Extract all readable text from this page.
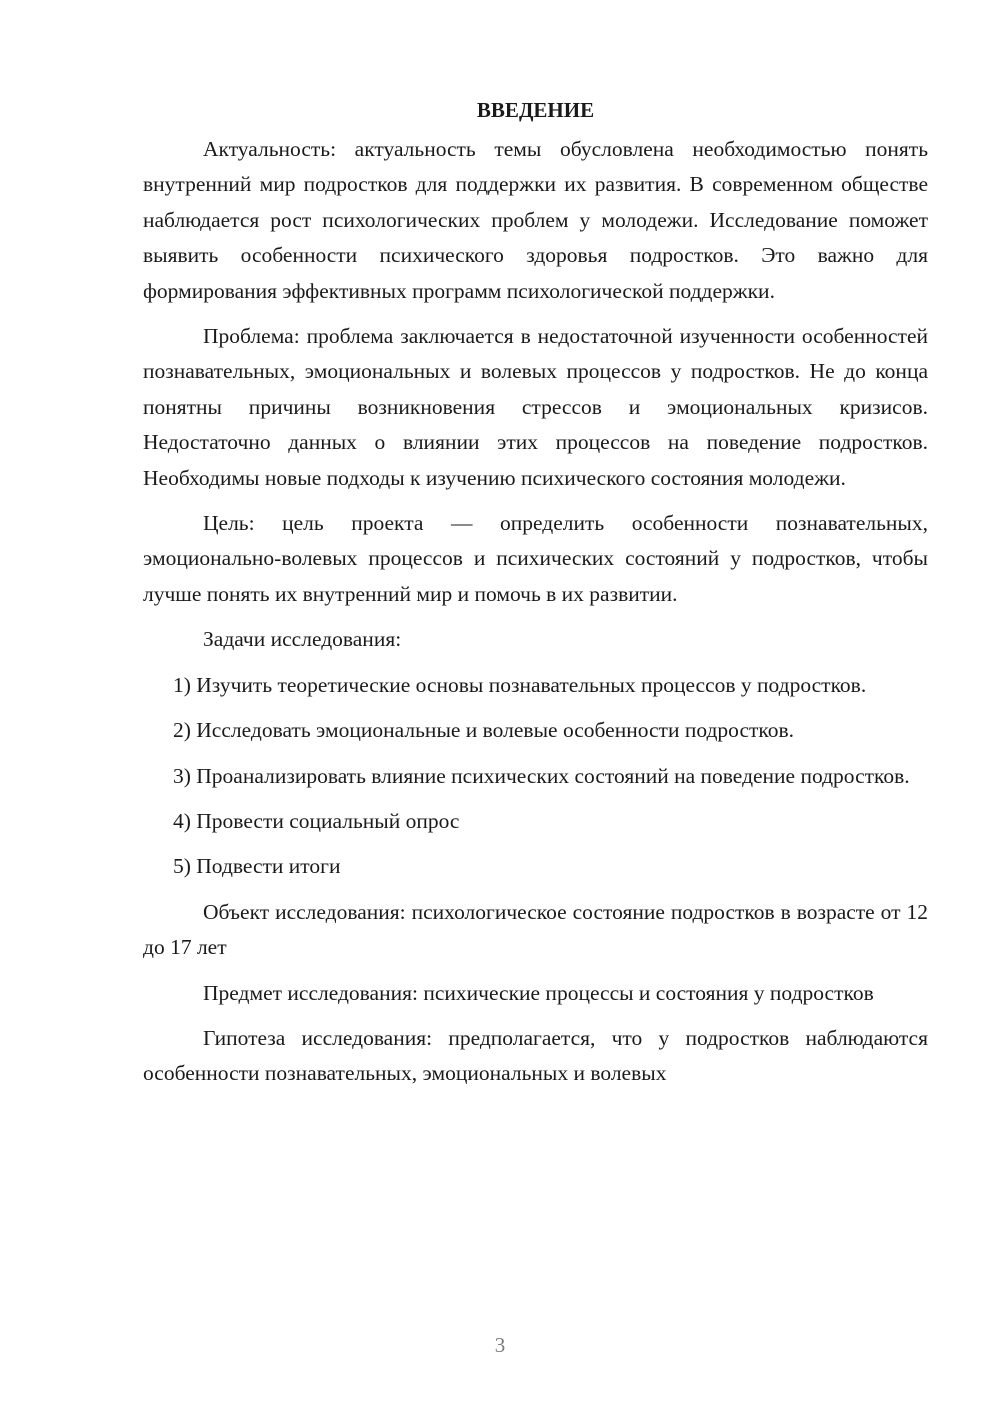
ВВЕДЕНИЕ

Актуальность: актуальность темы обусловлена необходимостью понять внутренний мир подростков для поддержки их развития. В современном обществе наблюдается рост психологических проблем у молодежи. Исследование поможет выявить особенности психического здоровья подростков. Это важно для формирования эффективных программ психологической поддержки.

Проблема: проблема заключается в недостаточной изученности особенностей познавательных, эмоциональных и волевых процессов у подростков. Не до конца понятны причины возникновения стрессов и эмоциональных кризисов. Недостаточно данных о влиянии этих процессов на поведение подростков. Необходимы новые подходы к изучению психического состояния молодежи.

Цель: цель проекта — определить особенности познавательных, эмоционально-волевых процессов и психических состояний у подростков, чтобы лучше понять их внутренний мир и помочь в их развитии.

Задачи исследования:

1) Изучить теоретические основы познавательных процессов у подростков.

2) Исследовать эмоциональные и волевые особенности подростков.

3) Проанализировать влияние психических состояний на поведение подростков.

4) Провести социальный опрос

5) Подвести итоги

Объект исследования: психологическое состояние подростков в возрасте от 12 до 17 лет

Предмет исследования: психические процессы и состояния у подростков

Гипотеза исследования: предполагается, что у подростков наблюдаются особенности познавательных, эмоциональных и волевых

3
